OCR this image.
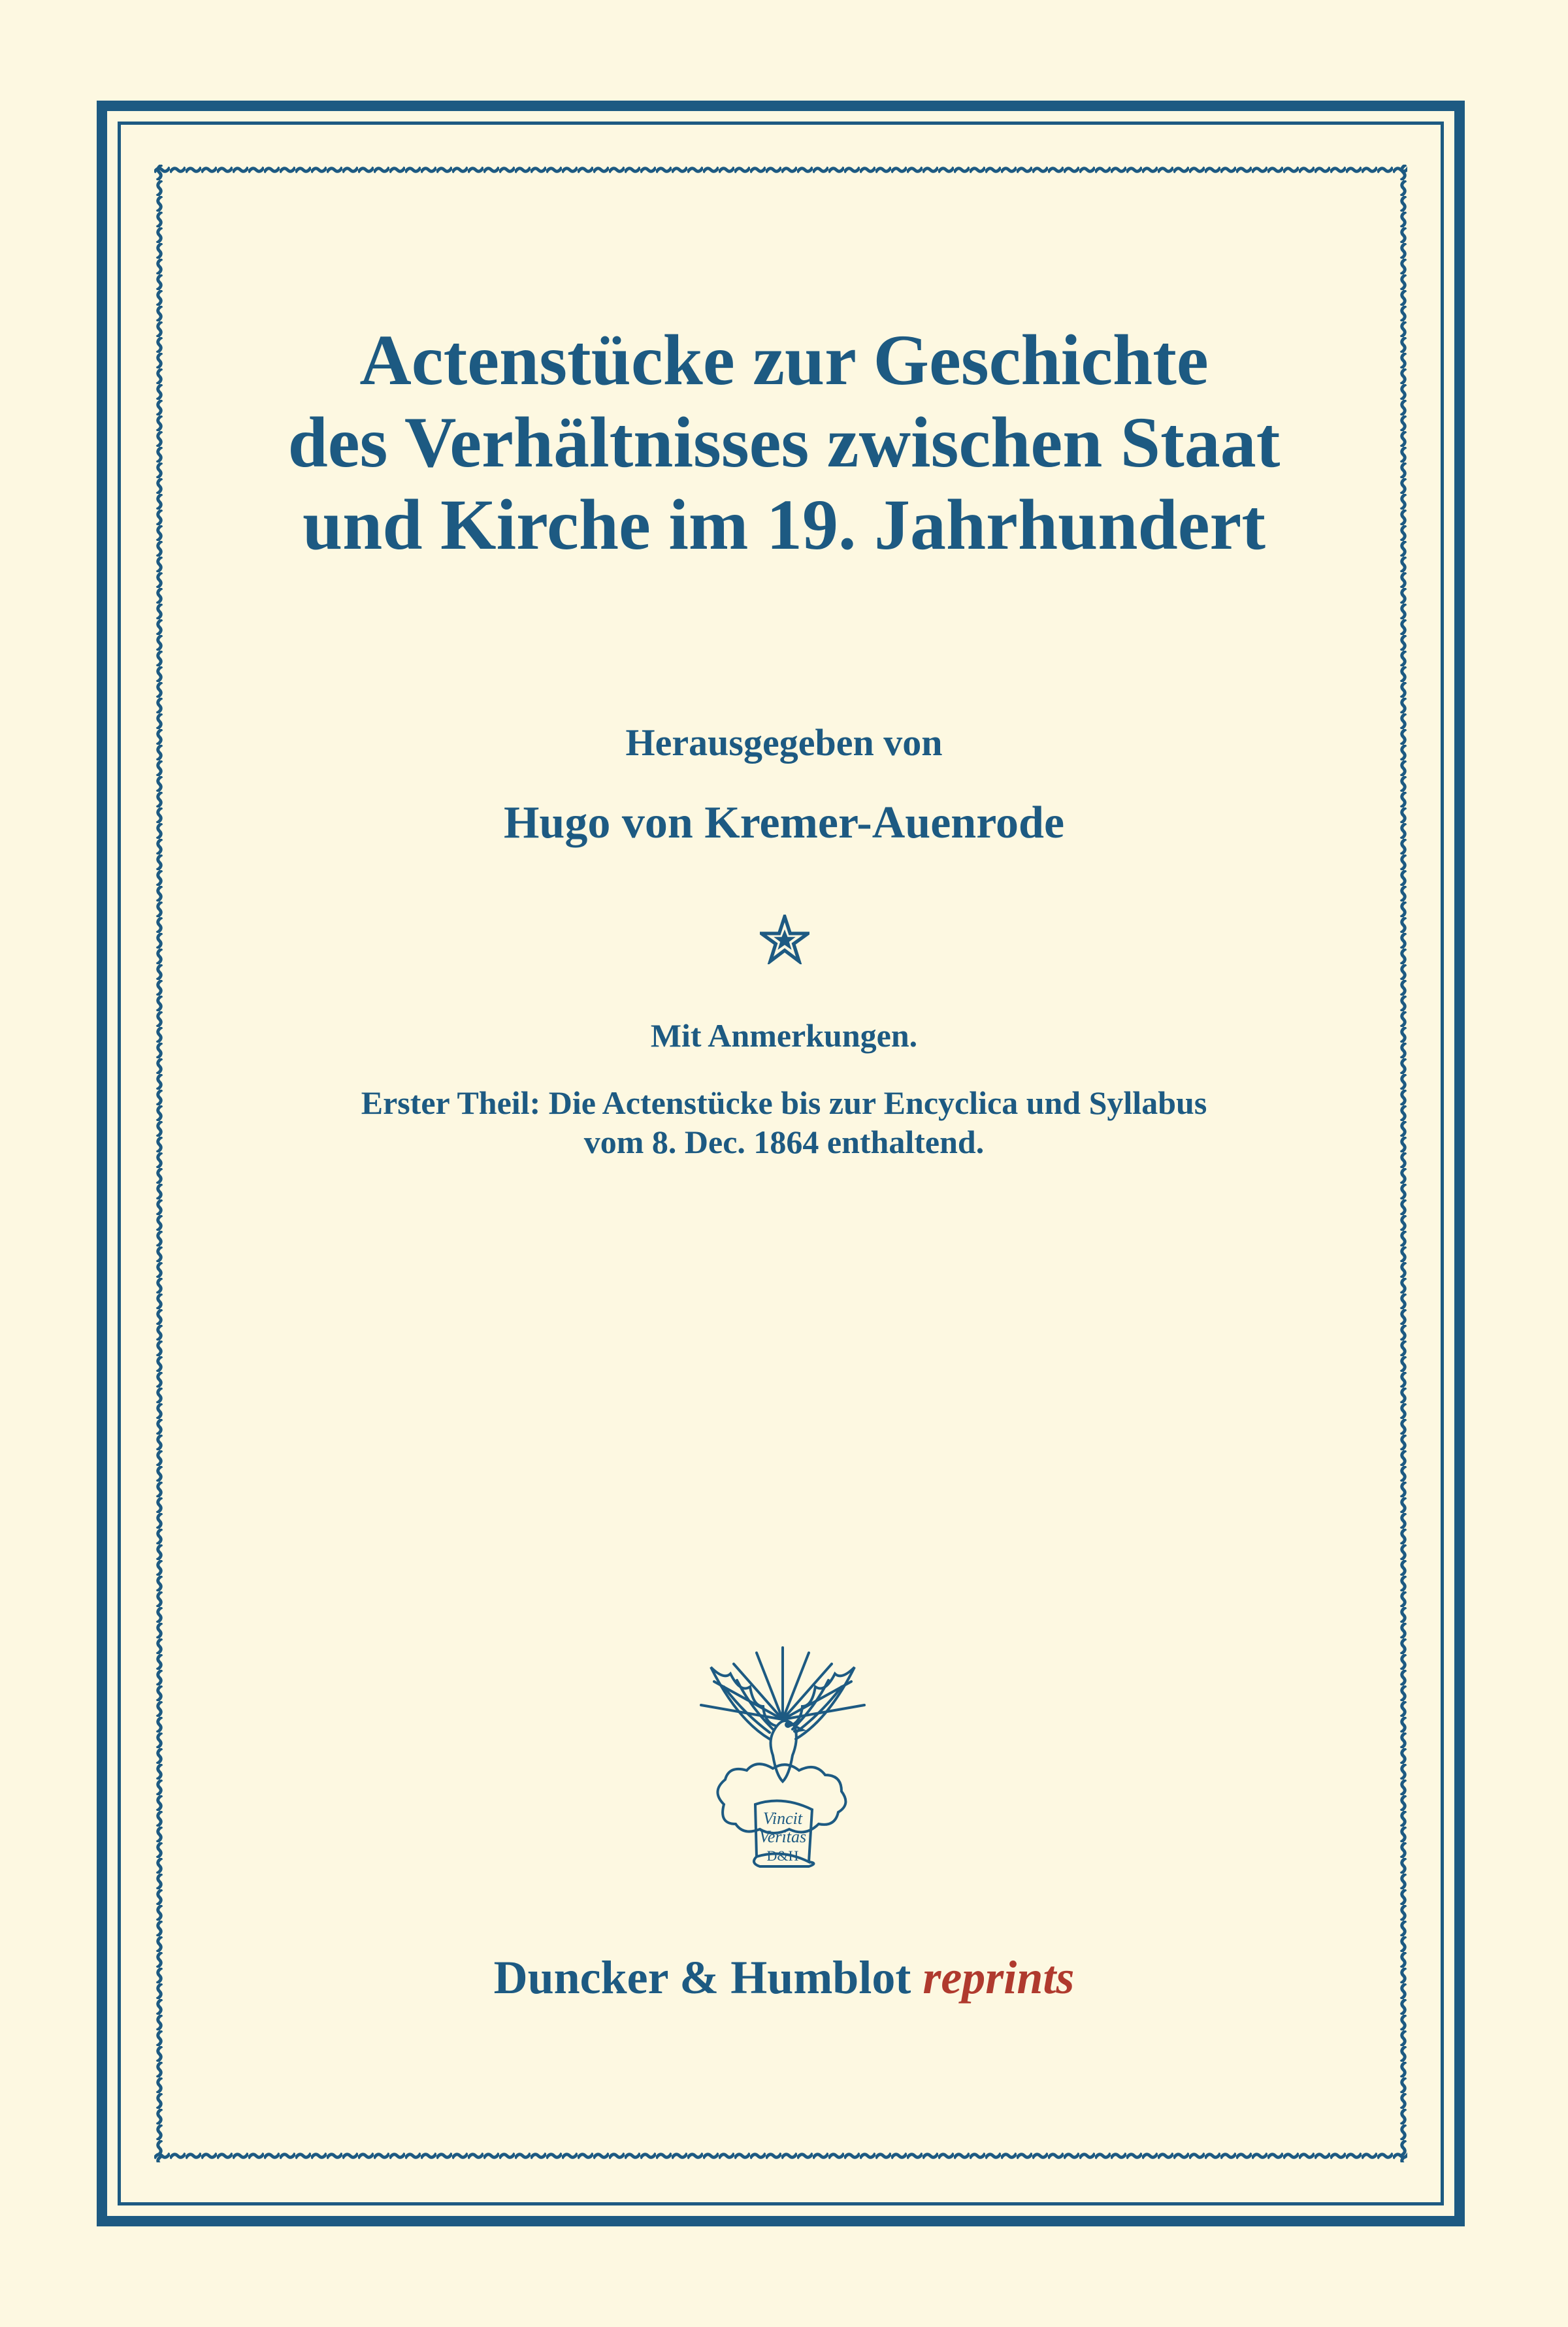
Actenstücke zur Geschichte
des Verhältnisses zwischen Staat
und Kirche im 19. Jahrhundert
Herausgegeben von
Hugo von Kremer-Auenrode
Mit Anmerkungen.
Erster Theil: Die Actenstücke bis zur Encyclica und Syllabus
vom 8. Dec. 1864 enthaltend.
Vincit
Veritas
D&H
Duncker & Humblot reprints
